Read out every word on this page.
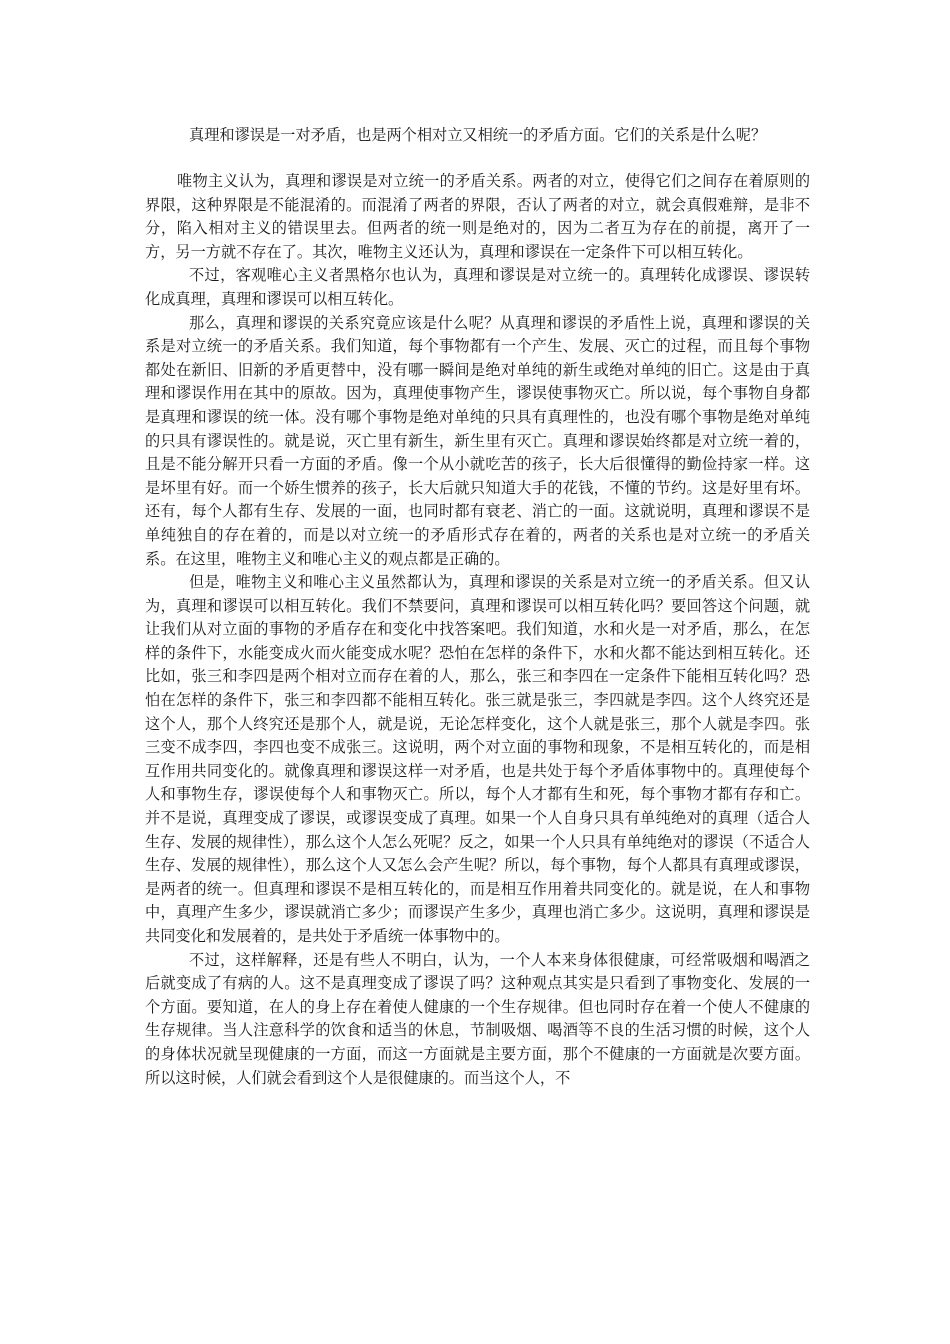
真理和谬误是一对矛盾，也是两个相对立又相统一的矛盾方面。它们的关系是什么呢？

唯物主义认为，真理和谬误是对立统一的矛盾关系。两者的对立，使得它们之间存在着原则的界限，这种界限是不能混淆的。而混淆了两者的界限，否认了两者的对立，就会真假难辩，是非不分，陷入相对主义的错误里去。但两者的统一则是绝对的，因为二者互为存在的前提，离开了一方，另一方就不存在了。其次，唯物主义还认为，真理和谬误在一定条件下可以相互转化。

不过，客观唯心主义者黑格尔也认为，真理和谬误是对立统一的。真理转化成谬误、谬误转化成真理，真理和谬误可以相互转化。

那么，真理和谬误的关系究竟应该是什么呢？从真理和谬误的矛盾性上说，真理和谬误的关系是对立统一的矛盾关系。我们知道，每个事物都有一个产生、发展、灭亡的过程，而且每个事物都处在新旧、旧新的矛盾更替中，没有哪一瞬间是绝对单纯的新生或绝对单纯的旧亡。这是由于真理和谬误作用在其中的原故。因为，真理使事物产生，谬误使事物灭亡。所以说，每个事物自身都是真理和谬误的统一体。没有哪个事物是绝对单纯的只具有真理性的，也没有哪个事物是绝对单纯的只具有谬误性的。就是说，灭亡里有新生，新生里有灭亡。真理和谬误始终都是对立统一着的，且是不能分解开只看一方面的矛盾。像一个从小就吃苦的孩子，长大后很懂得的勤俭持家一样。这是坏里有好。而一个娇生惯养的孩子，长大后就只知道大手的花钱，不懂的节约。这是好里有坏。还有，每个人都有生存、发展的一面，也同时都有衰老、消亡的一面。这就说明，真理和谬误不是单纯独自的存在着的，而是以对立统一的矛盾形式存在着的，两者的关系也是对立统一的矛盾关系。在这里，唯物主义和唯心主义的观点都是正确的。

但是，唯物主义和唯心主义虽然都认为，真理和谬误的关系是对立统一的矛盾关系。但又认为，真理和谬误可以相互转化。我们不禁要问，真理和谬误可以相互转化吗？要回答这个问题，就让我们从对立面的事物的矛盾存在和变化中找答案吧。我们知道，水和火是一对矛盾，那么，在怎样的条件下，水能变成火而火能变成水呢？恐怕在怎样的条件下，水和火都不能达到相互转化。还比如，张三和李四是两个相对立而存在着的人，那么，张三和李四在一定条件下能相互转化吗？恐怕在怎样的条件下，张三和李四都不能相互转化。张三就是张三，李四就是李四。这个人终究还是这个人，那个人终究还是那个人，就是说，无论怎样变化，这个人就是张三，那个人就是李四。张三变不成李四，李四也变不成张三。这说明，两个对立面的事物和现象，不是相互转化的，而是相互作用共同变化的。就像真理和谬误这样一对矛盾，也是共处于每个矛盾体事物中的。真理使每个人和事物生存，谬误使每个人和事物灭亡。所以，每个人才都有生和死，每个事物才都有存和亡。并不是说，真理变成了谬误，或谬误变成了真理。如果一个人自身只具有单纯绝对的真理（适合人生存、发展的规律性），那么这个人怎么死呢？反之，如果一个人只具有单纯绝对的谬误（不适合人生存、发展的规律性），那么这个人又怎么会产生呢？所以，每个事物，每个人都具有真理或谬误，是两者的统一。但真理和谬误不是相互转化的，而是相互作用着共同变化的。就是说，在人和事物中，真理产生多少，谬误就消亡多少；而谬误产生多少，真理也消亡多少。这说明，真理和谬误是共同变化和发展着的，是共处于矛盾统一体事物中的。

不过，这样解释，还是有些人不明白，认为，一个人本来身体很健康，可经常吸烟和喝酒之后就变成了有病的人。这不是真理变成了谬误了吗？这种观点其实是只看到了事物变化、发展的一个方面。要知道，在人的身上存在着使人健康的一个生存规律。但也同时存在着一个使人不健康的生存规律。当人注意科学的饮食和适当的休息，节制吸烟、喝酒等不良的生活习惯的时候，这个人的身体状况就呈现健康的一方面，而这一方面就是主要方面，那个不健康的一方面就是次要方面。所以这时候，人们就会看到这个人是很健康的。而当这个人，不
